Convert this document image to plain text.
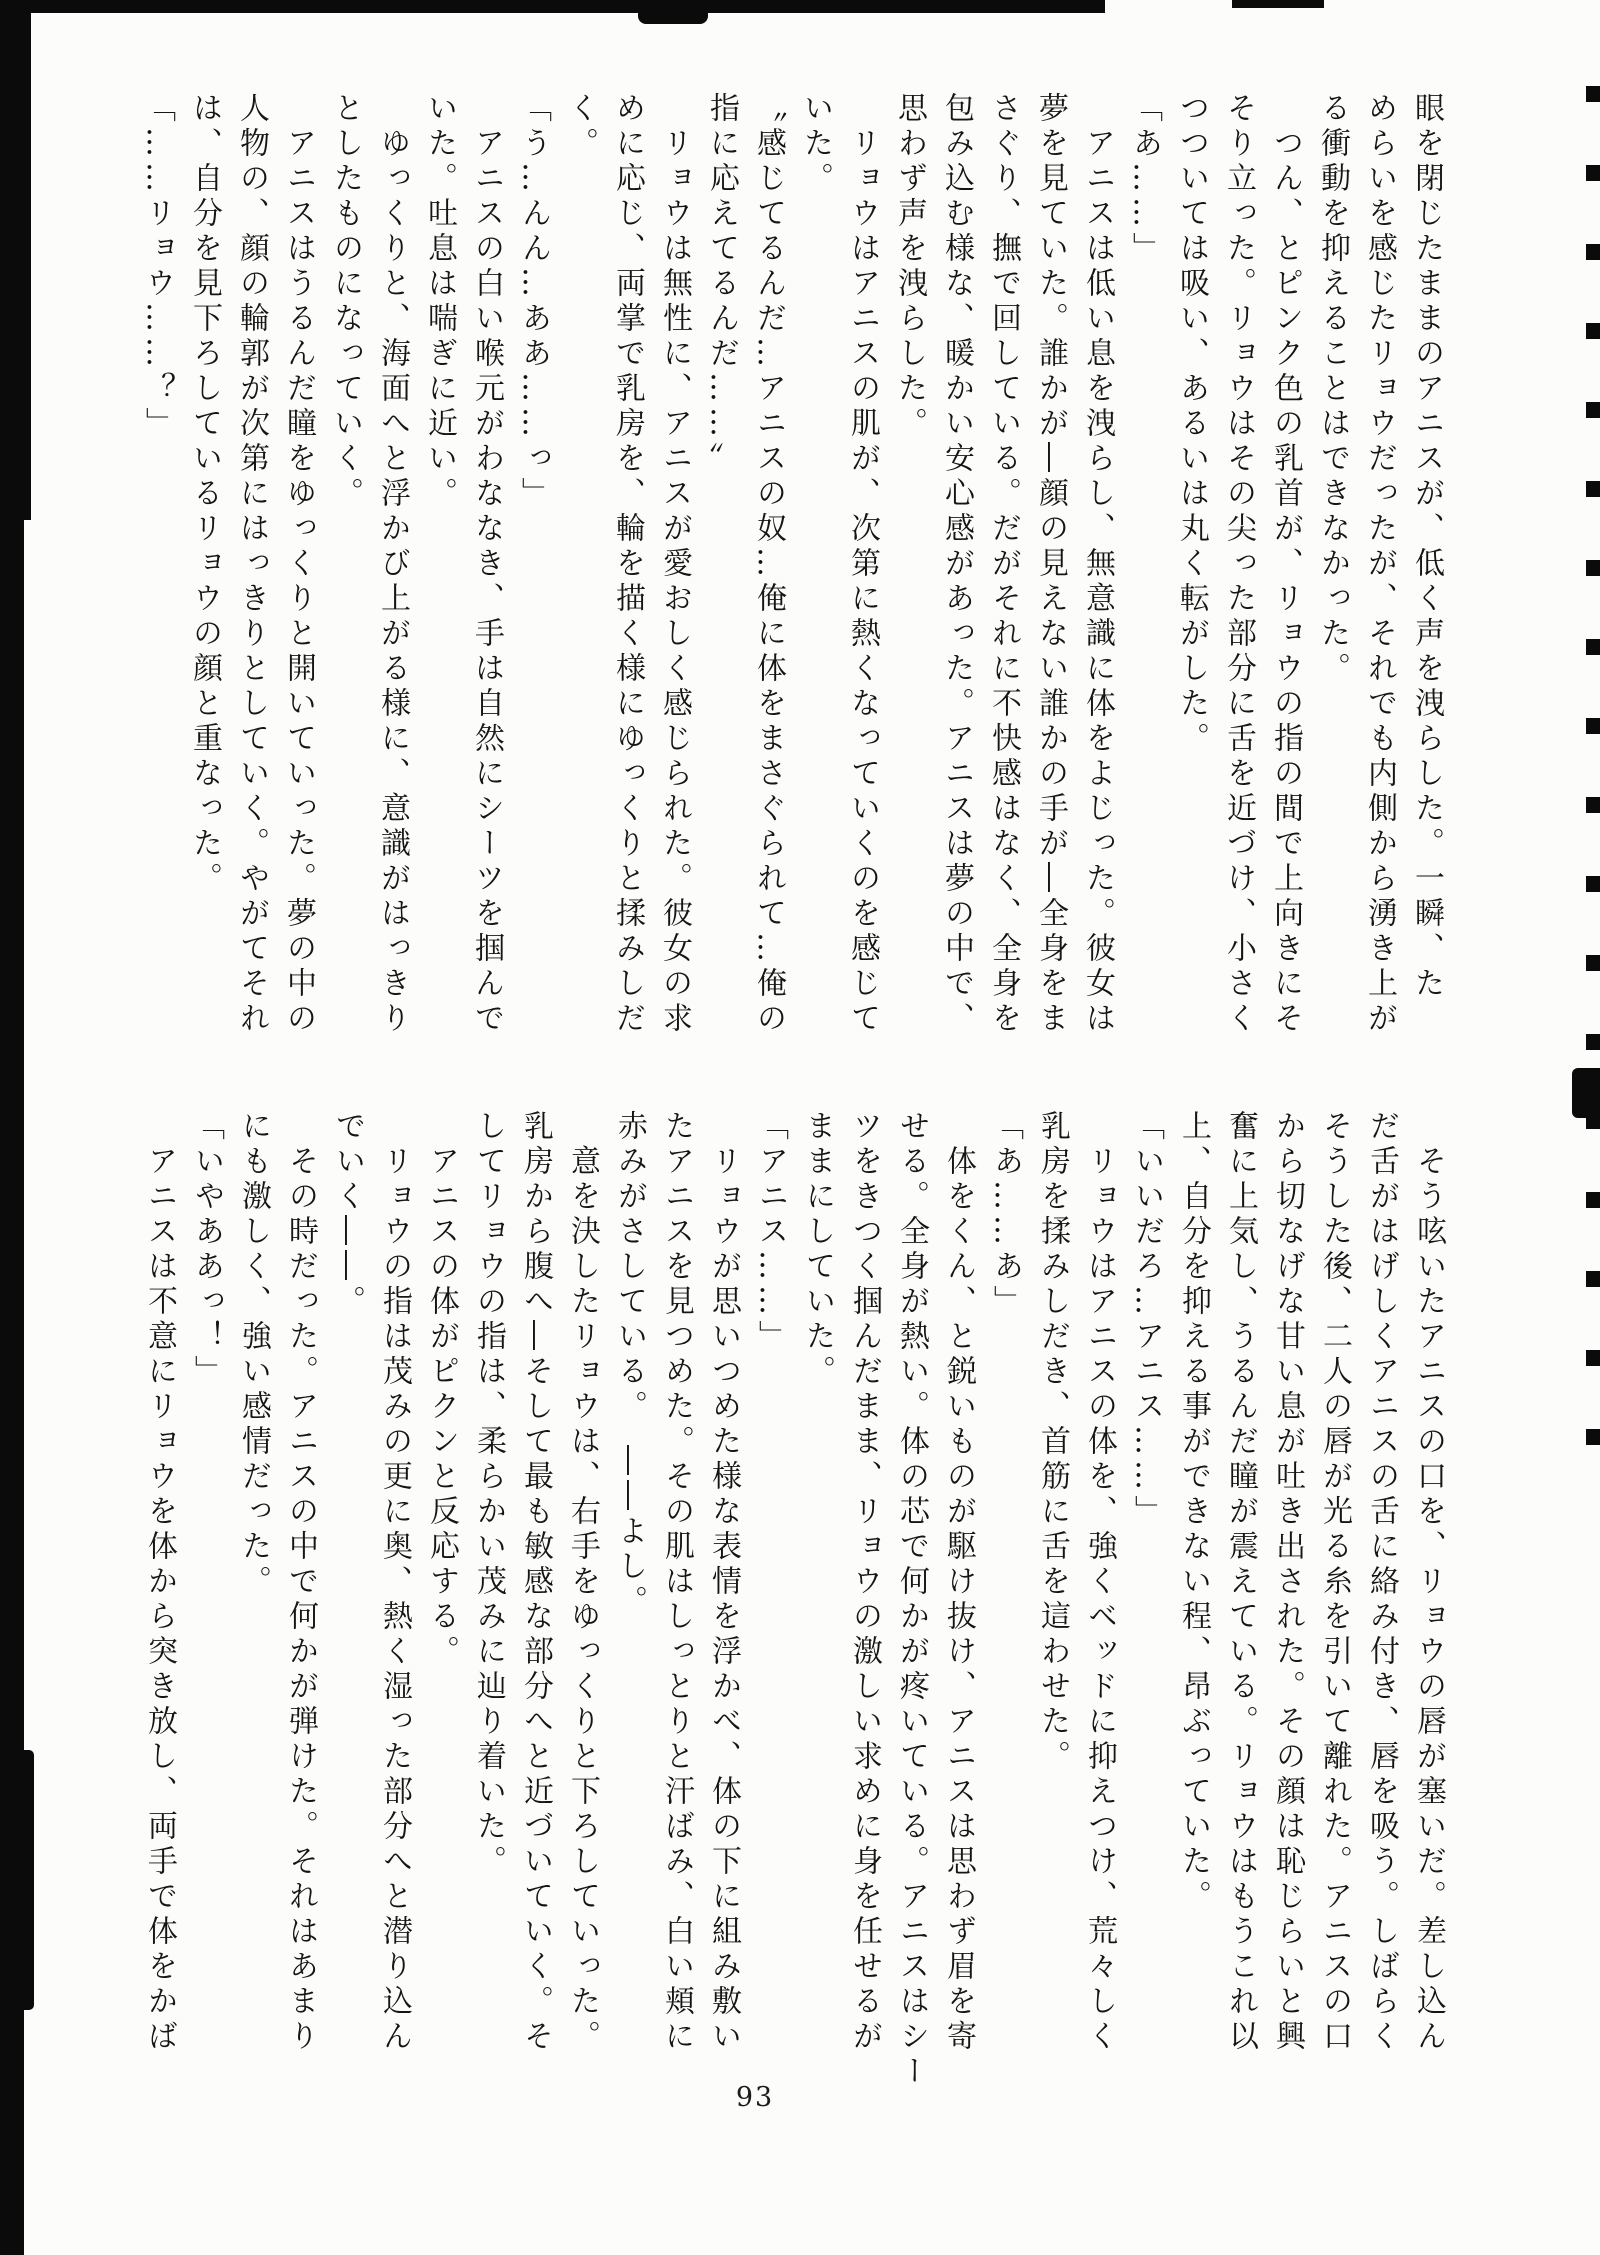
眼を閉じたままのアニスが、低く声を洩らした。一瞬、た
めらいを感じたリョウだったが、それでも内側から湧き上が
る衝動を抑えることはできなかった。
　つん、とピンク色の乳首が、リョウの指の間で上向きにそ
そり立った。リョウはその尖った部分に舌を近づけ、小さく
つついては吸い、あるいは丸く転がした。
「あ……」
　アニスは低い息を洩らし、無意識に体をよじった。彼女は
夢を見ていた。誰かが―顔の見えない誰かの手が―全身をま
さぐり、撫で回している。だがそれに不快感はなく、全身を
包み込む様な、暖かい安心感があった。アニスは夢の中で、
思わず声を洩らした。
　リョウはアニスの肌が、次第に熱くなっていくのを感じて
いた。
〝感じてるんだ…アニスの奴…俺に体をまさぐられて…俺の
指に応えてるんだ……〟
　リョウは無性に、アニスが愛おしく感じられた。彼女の求
めに応じ、両掌で乳房を、輪を描く様にゆっくりと揉みしだ
く。
「う…んん…ああ……っ」
　アニスの白い喉元がわななき、手は自然にシーツを掴んで
いた。吐息は喘ぎに近い。
　ゆっくりと、海面へと浮かび上がる様に、意識がはっきり
としたものになっていく。
　アニスはうるんだ瞳をゆっくりと開いていった。夢の中の
人物の、顔の輪郭が次第にはっきりとしていく。やがてそれ
は、自分を見下ろしているリョウの顔と重なった。
「……リョウ……？」
　そう呟いたアニスの口を、リョウの唇が塞いだ。差し込ん
だ舌がはげしくアニスの舌に絡み付き、唇を吸う。しばらく
そうした後、二人の唇が光る糸を引いて離れた。アニスの口
から切なげな甘い息が吐き出された。その顔は恥じらいと興
奮に上気し、うるんだ瞳が震えている。リョウはもうこれ以
上、自分を抑える事ができない程、昂ぶっていた。
「いいだろ…アニス……」
　リョウはアニスの体を、強くベッドに抑えつけ、荒々しく
乳房を揉みしだき、首筋に舌を這わせた。
「あ……あ」
　体をくん、と鋭いものが駆け抜け、アニスは思わず眉を寄
せる。全身が熱い。体の芯で何かが疼いている。アニスはシー
ツをきつく掴んだまま、リョウの激しい求めに身を任せるが
ままにしていた。
「アニス……」
　リョウが思いつめた様な表情を浮かべ、体の下に組み敷い
たアニスを見つめた。その肌はしっとりと汗ばみ、白い頬に
赤みがさしている。　――よし。
　意を決したリョウは、右手をゆっくりと下ろしていった。
乳房から腹へ―そして最も敏感な部分へと近づいていく。そ
してリョウの指は、柔らかい茂みに辿り着いた。
　アニスの体がピクンと反応する。
　リョウの指は茂みの更に奥、熱く湿った部分へと潜り込ん
でいく――。
　その時だった。アニスの中で何かが弾けた。それはあまり
にも激しく、強い感情だった。
「いやああっ！」
　アニスは不意にリョウを体から突き放し、両手で体をかば
93
